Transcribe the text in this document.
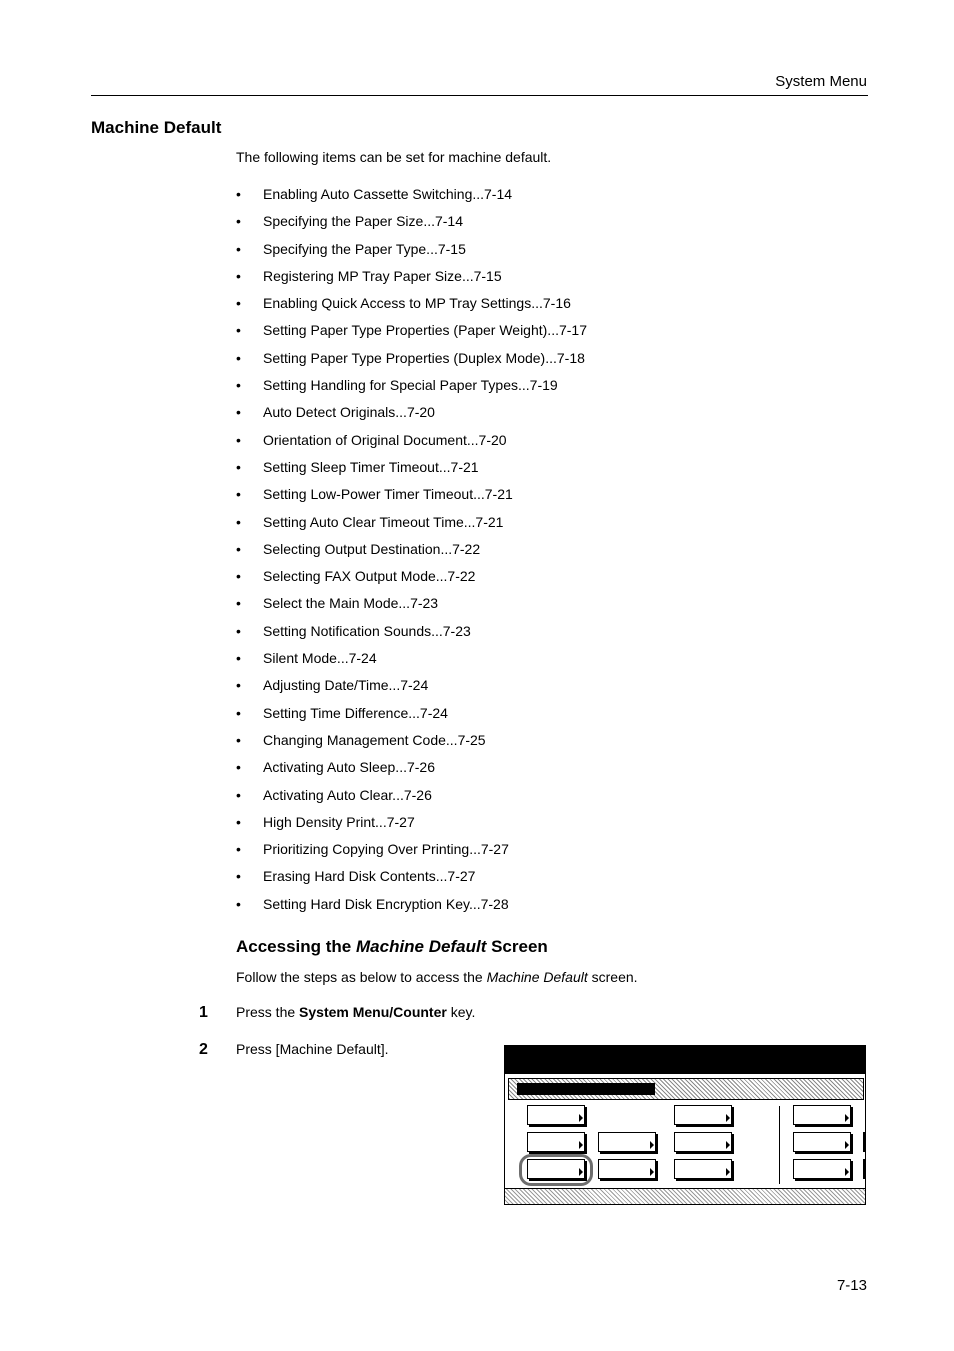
System Menu
Machine Default

The following items can be set for machine default.

• Enabling Auto Cassette Switching...7-14
• Specifying the Paper Size...7-14
• Specifying the Paper Type...7-15
• Registering MP Tray Paper Size...7-15
• Enabling Quick Access to MP Tray Settings...7-16
• Setting Paper Type Properties (Paper Weight)...7-17
• Setting Paper Type Properties (Duplex Mode)...7-18
• Setting Handling for Special Paper Types...7-19
• Auto Detect Originals...7-20
• Orientation of Original Document...7-20
• Setting Sleep Timer Timeout...7-21
• Setting Low-Power Timer Timeout...7-21
• Setting Auto Clear Timeout Time...7-21
• Selecting Output Destination...7-22
• Selecting FAX Output Mode...7-22
• Select the Main Mode...7-23
• Setting Notification Sounds...7-23
• Silent Mode...7-24
• Adjusting Date/Time...7-24
• Setting Time Difference...7-24
• Changing Management Code...7-25
• Activating Auto Sleep...7-26
• Activating Auto Clear...7-26
• High Density Print...7-27
• Prioritizing Copying Over Printing...7-27
• Erasing Hard Disk Contents...7-27
• Setting Hard Disk Encryption Key...7-28
Accessing the Machine Default Screen

Follow the steps as below to access the Machine Default screen.

1 Press the System Menu/Counter key.
2 Press [Machine Default].
7-13
